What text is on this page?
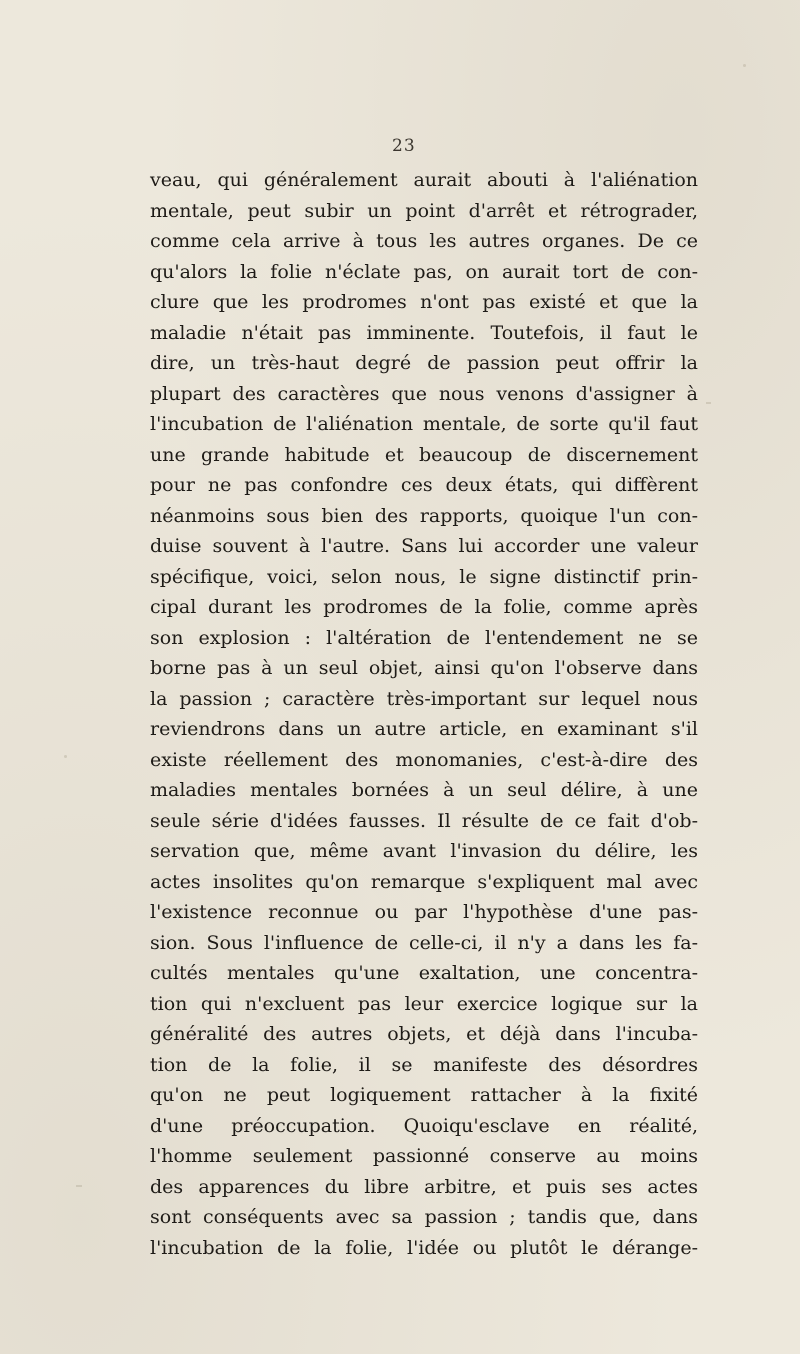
23
veau, qui généralement aurait abouti à l'aliénation
mentale, peut subir un point d'arrêt et rétrograder,
comme cela arrive à tous les autres organes. De ce
qu'alors la folie n'éclate pas, on aurait tort de con-
clure que les prodromes n'ont pas existé et que la
maladie n'était pas imminente. Toutefois, il faut le
dire, un très-haut degré de passion peut offrir la
plupart des caractères que nous venons d'assigner à
l'incubation de l'aliénation mentale, de sorte qu'il faut
une grande habitude et beaucoup de discernement
pour ne pas confondre ces deux états, qui diffèrent
néanmoins sous bien des rapports, quoique l'un con-
duise souvent à l'autre. Sans lui accorder une valeur
spécifique, voici, selon nous, le signe distinctif prin-
cipal durant les prodromes de la folie, comme après
son explosion : l'altération de l'entendement ne se
borne pas à un seul objet, ainsi qu'on l'observe dans
la passion ; caractère très-important sur lequel nous
reviendrons dans un autre article, en examinant s'il
existe réellement des monomanies, c'est-à-dire des
maladies mentales bornées à un seul délire, à une
seule série d'idées fausses. Il résulte de ce fait d'ob-
servation que, même avant l'invasion du délire, les
actes insolites qu'on remarque s'expliquent mal avec
l'existence reconnue ou par l'hypothèse d'une pas-
sion. Sous l'influence de celle-ci, il n'y a dans les fa-
cultés mentales qu'une exaltation, une concentra-
tion qui n'excluent pas leur exercice logique sur la
généralité des autres objets, et déjà dans l'incuba-
tion de la folie, il se manifeste des désordres
qu'on ne peut logiquement rattacher à la fixité
d'une préoccupation. Quoiqu'esclave en réalité,
l'homme seulement passionné conserve au moins
des apparences du libre arbitre, et puis ses actes
sont conséquents avec sa passion ; tandis que, dans
l'incubation de la folie, l'idée ou plutôt le dérange-
